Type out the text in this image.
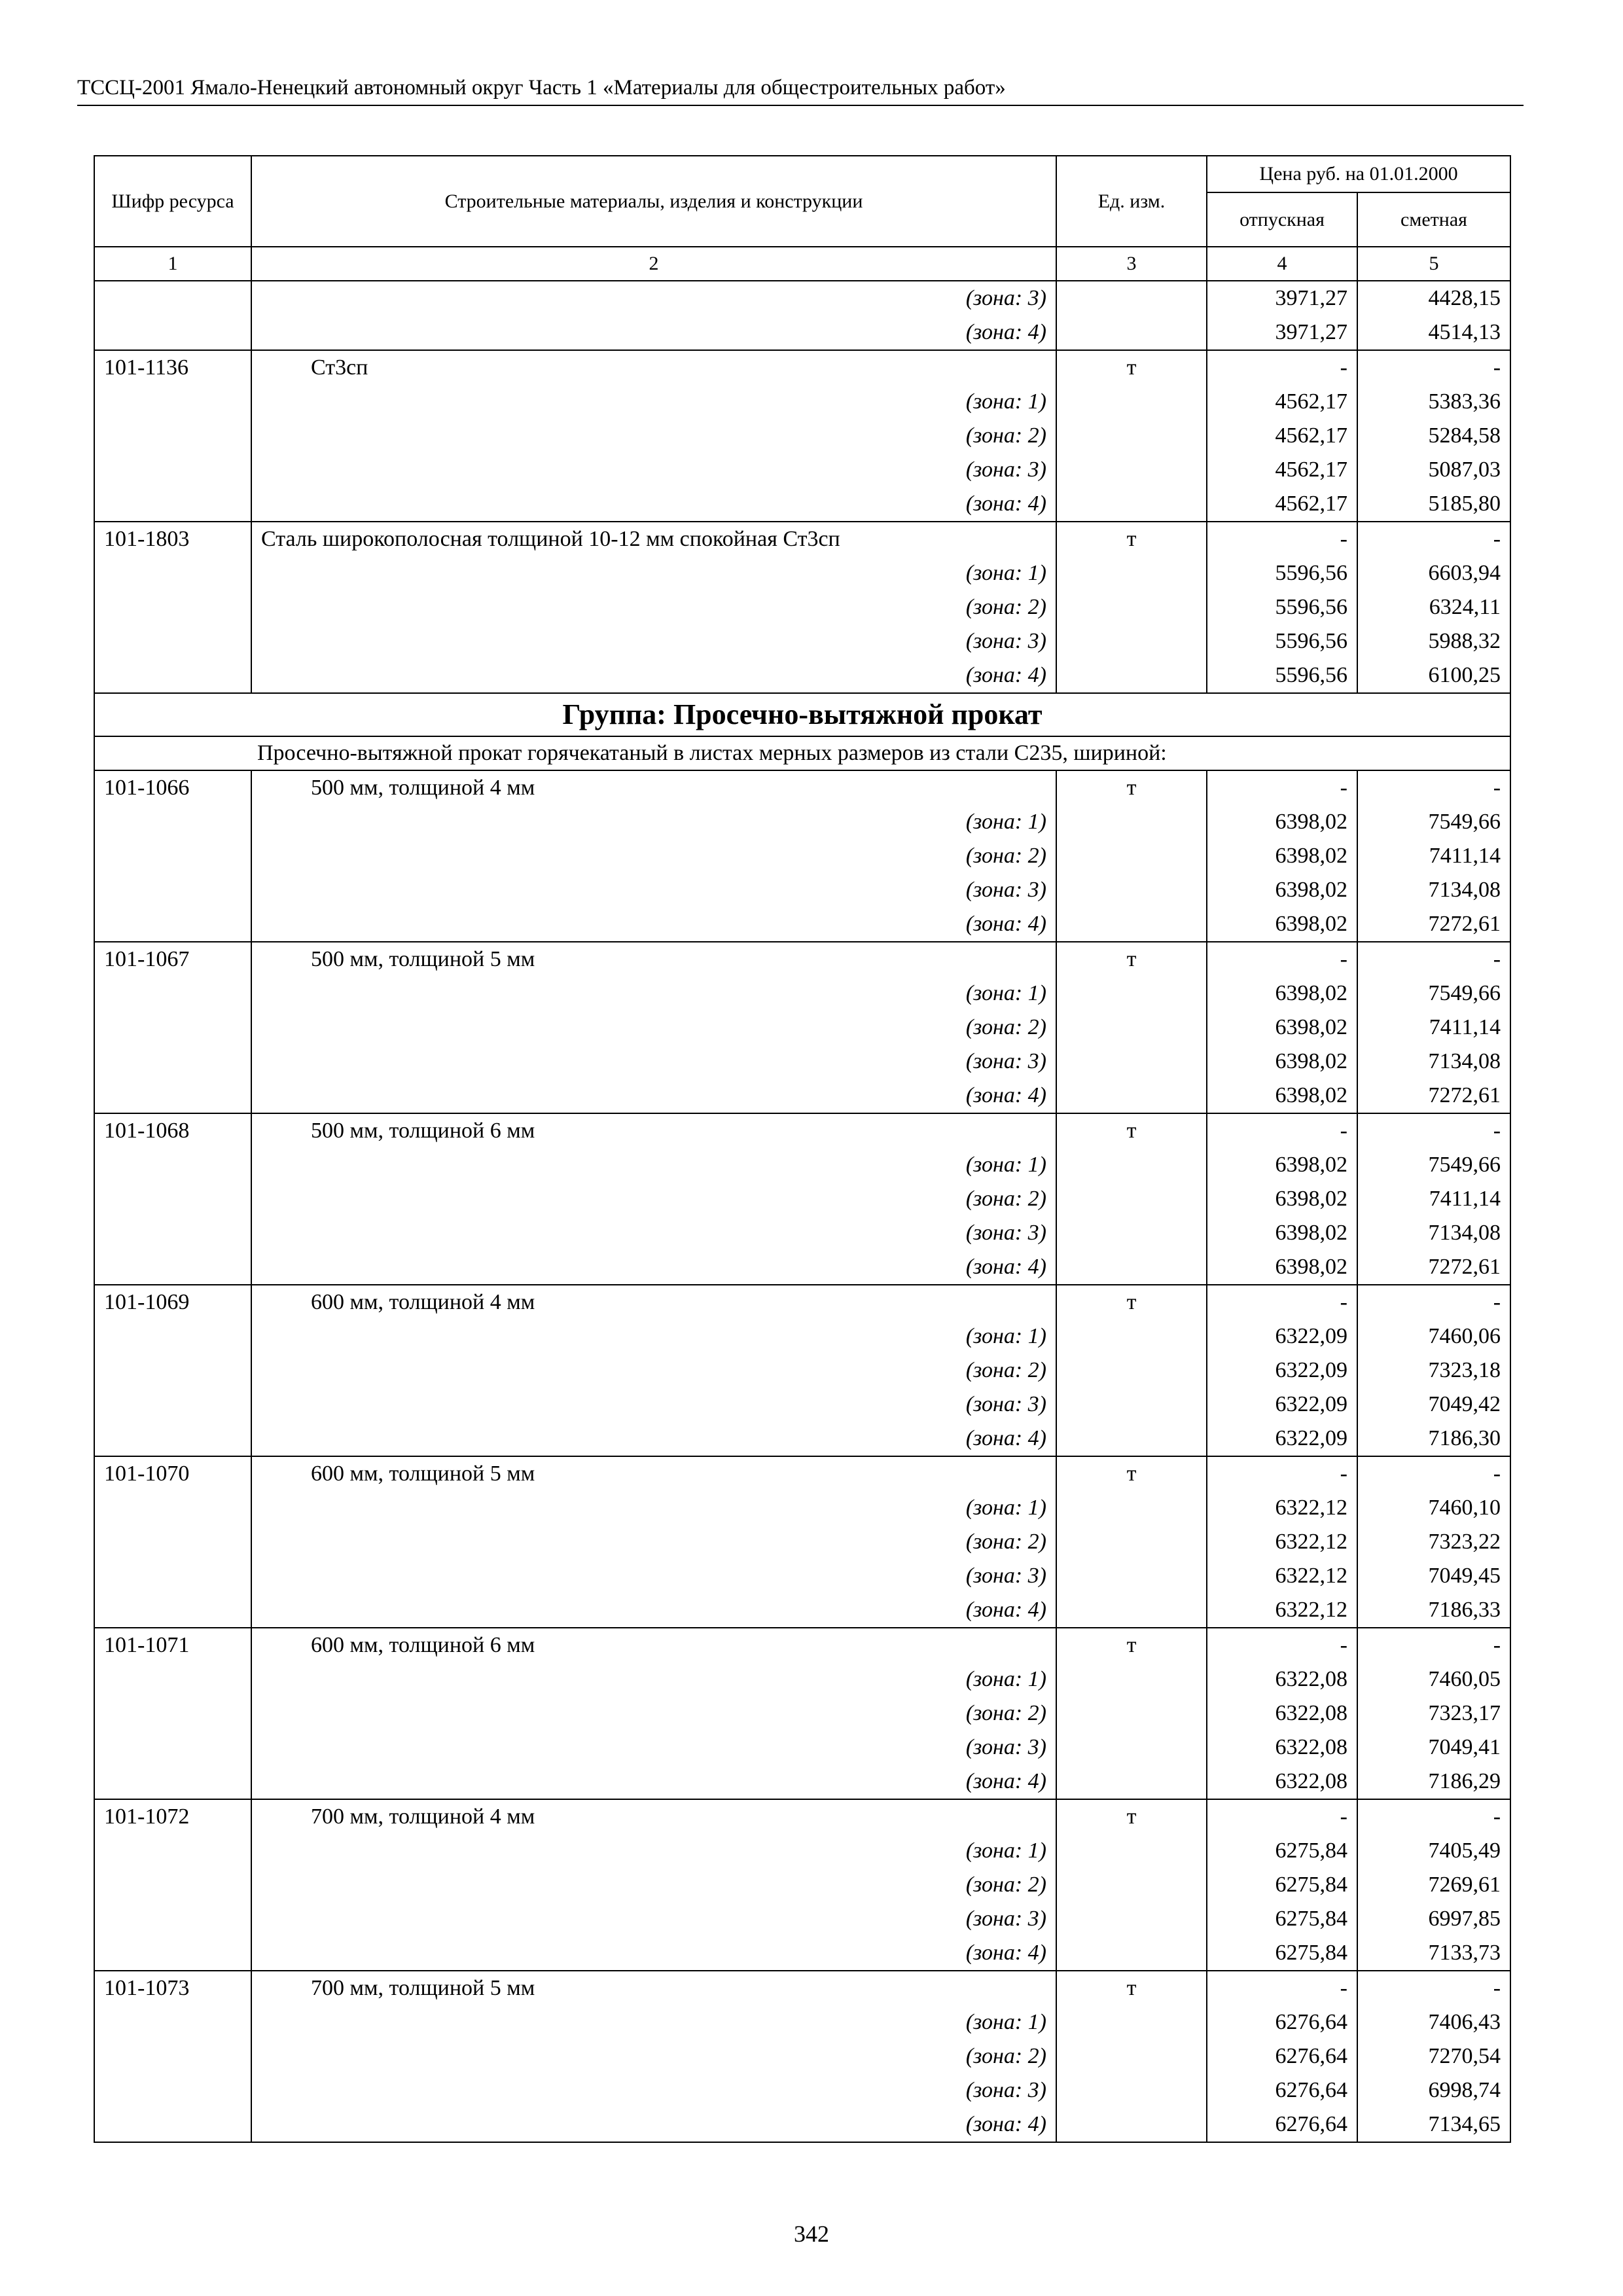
ТССЦ-2001 Ямало-Ненецкий автономный округ Часть 1 «Материалы для общестроительных работ»
Шифр ресурса	Строительные материалы, изделия и конструкции	Ед. изм.	Цена руб. на 01.01.2000	
			отпускная	сметная
1	2	3	4	5
	(зона: 3)		3971,27	4428,15
	(зона: 4)		3971,27	4514,13
101-1136	Ст3сп	т	-	-
	(зона: 1)		4562,17	5383,36
	(зона: 2)		4562,17	5284,58
	(зона: 3)		4562,17	5087,03
	(зона: 4)		4562,17	5185,80
101-1803	Сталь широкополосная толщиной 10-12 мм спокойная Ст3сп	т	-	-
	(зона: 1)		5596,56	6603,94
	(зона: 2)		5596,56	6324,11
	(зона: 3)		5596,56	5988,32
	(зона: 4)		5596,56	6100,25
Группа: Просечно-вытяжной прокат				
Просечно-вытяжной прокат горячекатаный в листах мерных размеров из стали С235, шириной:				
101-1066	500 мм, толщиной 4 мм	т	-	-
	(зона: 1)		6398,02	7549,66
	(зона: 2)		6398,02	7411,14
	(зона: 3)		6398,02	7134,08
	(зона: 4)		6398,02	7272,61
101-1067	500 мм, толщиной 5 мм	т	-	-
	(зона: 1)		6398,02	7549,66
	(зона: 2)		6398,02	7411,14
	(зона: 3)		6398,02	7134,08
	(зона: 4)		6398,02	7272,61
101-1068	500 мм, толщиной 6 мм	т	-	-
	(зона: 1)		6398,02	7549,66
	(зона: 2)		6398,02	7411,14
	(зона: 3)		6398,02	7134,08
	(зона: 4)		6398,02	7272,61
101-1069	600 мм, толщиной 4 мм	т	-	-
	(зона: 1)		6322,09	7460,06
	(зона: 2)		6322,09	7323,18
	(зона: 3)		6322,09	7049,42
	(зона: 4)		6322,09	7186,30
101-1070	600 мм, толщиной 5 мм	т	-	-
	(зона: 1)		6322,12	7460,10
	(зона: 2)		6322,12	7323,22
	(зона: 3)		6322,12	7049,45
	(зона: 4)		6322,12	7186,33
101-1071	600 мм, толщиной 6 мм	т	-	-
	(зона: 1)		6322,08	7460,05
	(зона: 2)		6322,08	7323,17
	(зона: 3)		6322,08	7049,41
	(зона: 4)		6322,08	7186,29
101-1072	700 мм, толщиной 4 мм	т	-	-
	(зона: 1)		6275,84	7405,49
	(зона: 2)		6275,84	7269,61
	(зона: 3)		6275,84	6997,85
	(зона: 4)		6275,84	7133,73
101-1073	700 мм, толщиной 5 мм	т	-	-
	(зона: 1)		6276,64	7406,43
	(зона: 2)		6276,64	7270,54
	(зона: 3)		6276,64	6998,74
	(зона: 4)		6276,64	7134,65
342
